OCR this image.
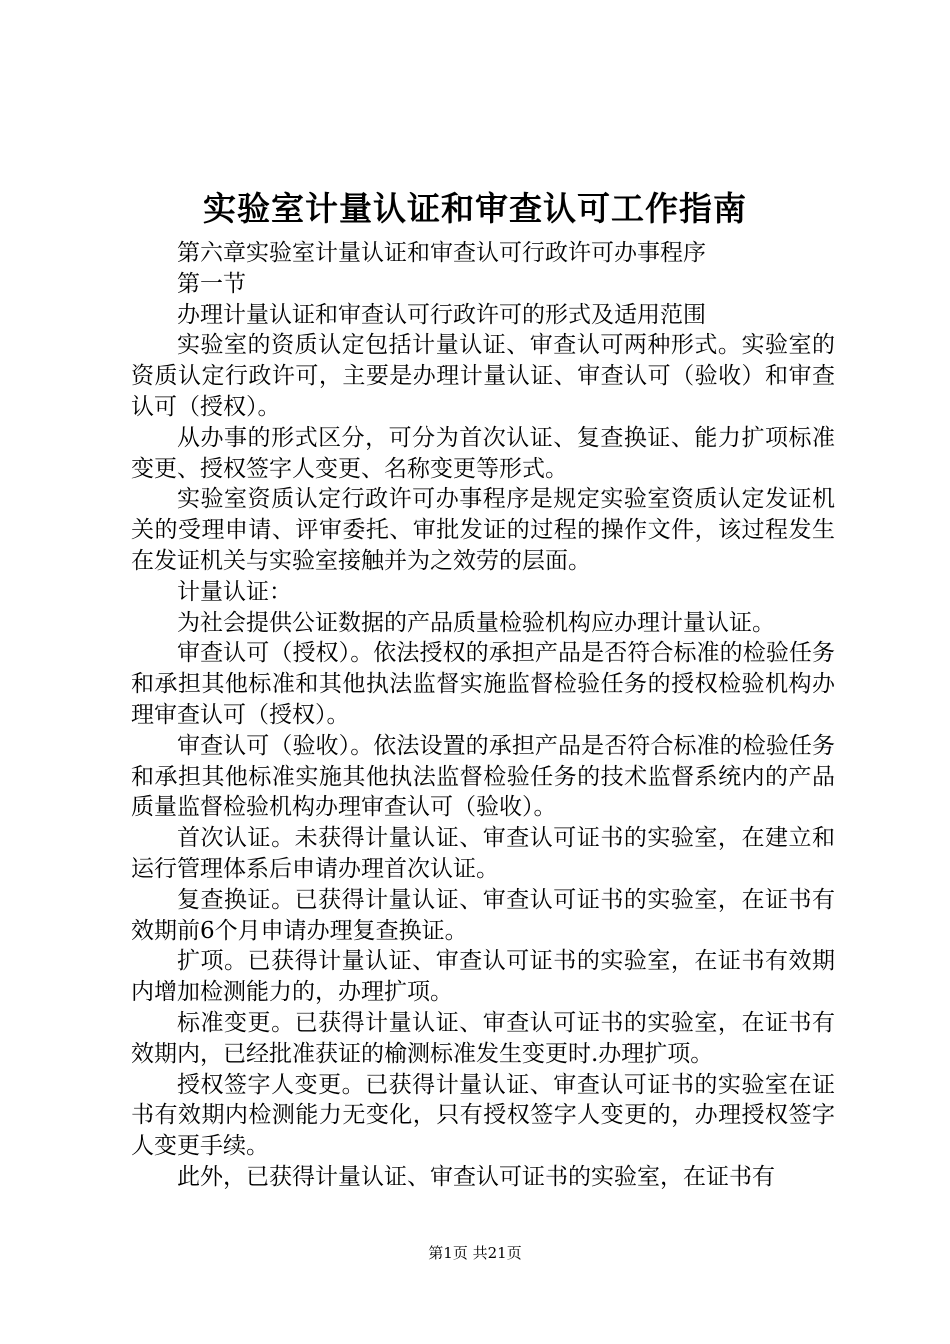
实验室计量认证和审查认可工作指南

第六章实验室计量认证和审查认可行政许可办事程序

第一节

办理计量认证和审查认可行政许可的形式及适用范围

实验室的资质认定包括计量认证、审查认可两种形式。实验室的资质认定行政许可，主要是办理计量认证、审查认可（验收）和审查认可（授权）。

从办事的形式区分，可分为首次认证、复查换证、能力扩项标准变更、授权签字人变更、名称变更等形式。

实验室资质认定行政许可办事程序是规定实验室资质认定发证机关的受理申请、评审委托、审批发证的过程的操作文件，该过程发生在发证机关与实验室接触并为之效劳的层面。

计量认证：

为社会提供公证数据的产品质量检验机构应办理计量认证。

审查认可（授权）。依法授权的承担产品是否符合标准的检验任务和承担其他标准和其他执法监督实施监督检验任务的授权检验机构办理审查认可（授权）。

审查认可（验收）。依法设置的承担产品是否符合标准的检验任务和承担其他标准实施其他执法监督检验任务的技术监督系统内的产品质量监督检验机构办理审查认可（验收）。

首次认证。未获得计量认证、审查认可证书的实验室，在建立和运行管理体系后申请办理首次认证。

复查换证。已获得计量认证、审查认可证书的实验室，在证书有效期前6个月申请办理复查换证。

扩项。已获得计量认证、审查认可证书的实验室，在证书有效期内增加检测能力的，办理扩项。

标准变更。已获得计量认证、审查认可证书的实验室，在证书有效期内，已经批准获证的榆测标准发生变更时.办理扩项。

授权签字人变更。已获得计量认证、审查认可证书的实验室在证书有效期内检测能力无变化，只有授权签字人变更的，办理授权签字人变更手续。

此外，已获得计量认证、审查认可证书的实验室，在证书有

第1页 共21页
